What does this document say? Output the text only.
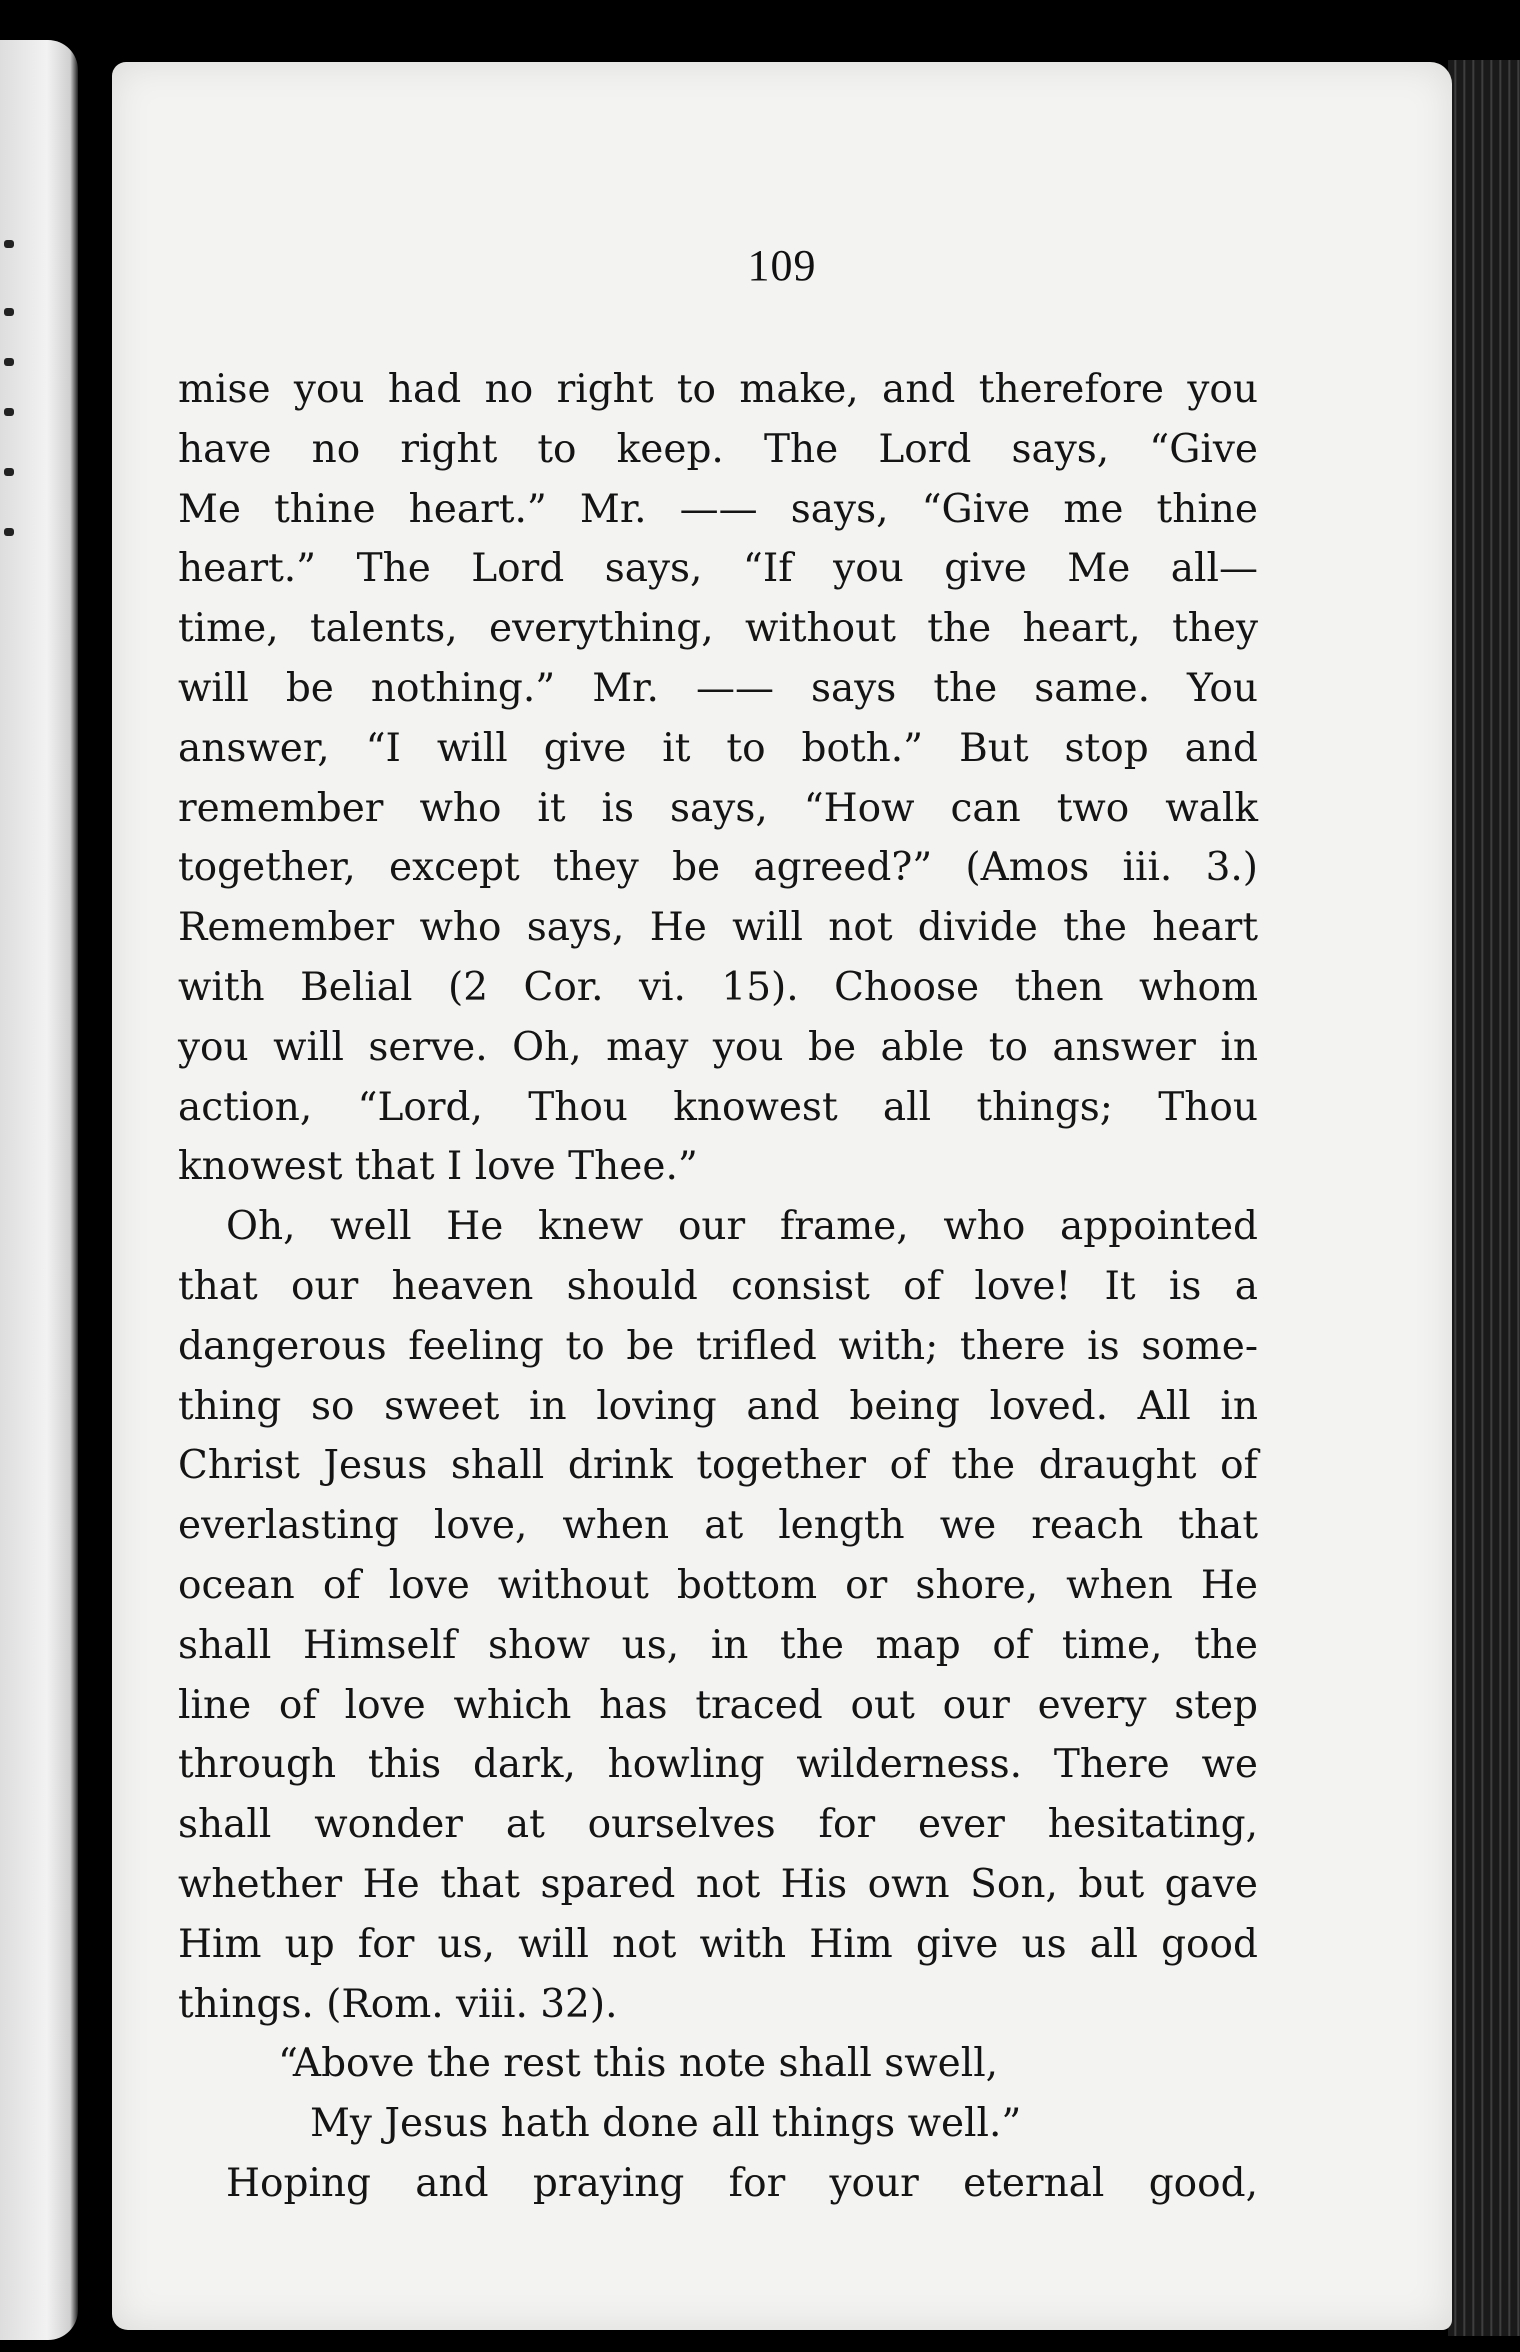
109

mise you had no right to make, and therefore you
have no right to keep. The Lord says, “Give
Me thine heart.” Mr. —— says, “Give me thine
heart.” The Lord says, “If you give Me all—
time, talents, everything, without the heart, they
will be nothing.” Mr. —— says the same. You
answer, “I will give it to both.” But stop and
remember who it is says, “How can two walk
together, except they be agreed?” (Amos iii. 3.)
Remember who says, He will not divide the heart
with Belial (2 Cor. vi. 15). Choose then whom
you will serve. Oh, may you be able to answer in
action, “Lord, Thou knowest all things; Thou
knowest that I love Thee.”
Oh, well He knew our frame, who appointed
that our heaven should consist of love! It is a
dangerous feeling to be trifled with; there is some-
thing so sweet in loving and being loved. All in
Christ Jesus shall drink together of the draught of
everlasting love, when at length we reach that
ocean of love without bottom or shore, when He
shall Himself show us, in the map of time, the
line of love which has traced out our every step
through this dark, howling wilderness. There we
shall wonder at ourselves for ever hesitating,
whether He that spared not His own Son, but gave
Him up for us, will not with Him give us all good
things. (Rom. viii. 32).
“Above the rest this note shall swell,
My Jesus hath done all things well.”
Hoping and praying for your eternal good,
